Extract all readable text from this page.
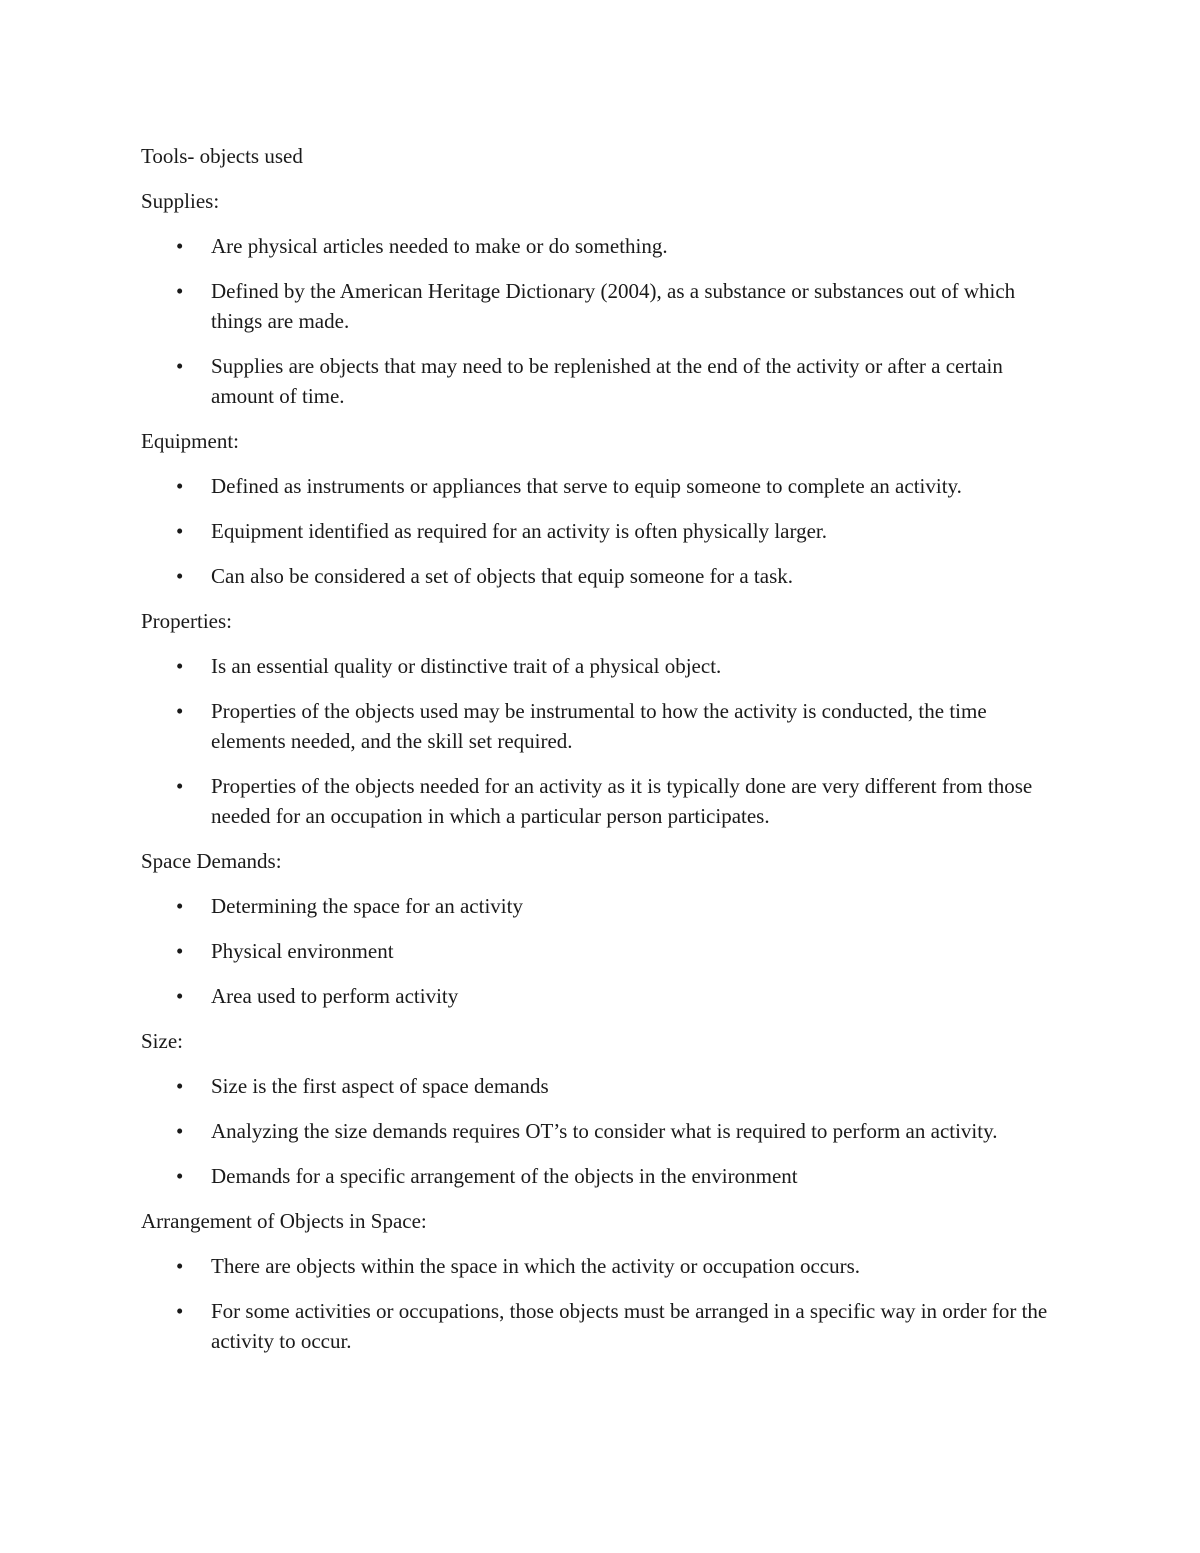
Tools- objects used

Supplies:

•	Are physical articles needed to make or do something.
•	Defined by the American Heritage Dictionary (2004), as a substance or substances out of which things are made.
•	Supplies are objects that may need to be replenished at the end of the activity or after a certain amount of time.

Equipment:

•	Defined as instruments or appliances that serve to equip someone to complete an activity.
•	Equipment identified as required for an activity is often physically larger.
•	Can also be considered a set of objects that equip someone for a task.

Properties:

•	Is an essential quality or distinctive trait of a physical object.
•	Properties of the objects used may be instrumental to how the activity is conducted, the time elements needed, and the skill set required.
•	Properties of the objects needed for an activity as it is typically done are very different from those needed for an occupation in which a particular person participates.

Space Demands:

•	Determining the space for an activity
•	Physical environment
•	Area used to perform activity

Size:

•	Size is the first aspect of space demands
•	Analyzing the size demands requires OT’s to consider what is required to perform an activity.
•	Demands for a specific arrangement of the objects in the environment

Arrangement of Objects in Space:

•	There are objects within the space in which the activity or occupation occurs.
•	For some activities or occupations, those objects must be arranged in a specific way in order for the activity to occur.
